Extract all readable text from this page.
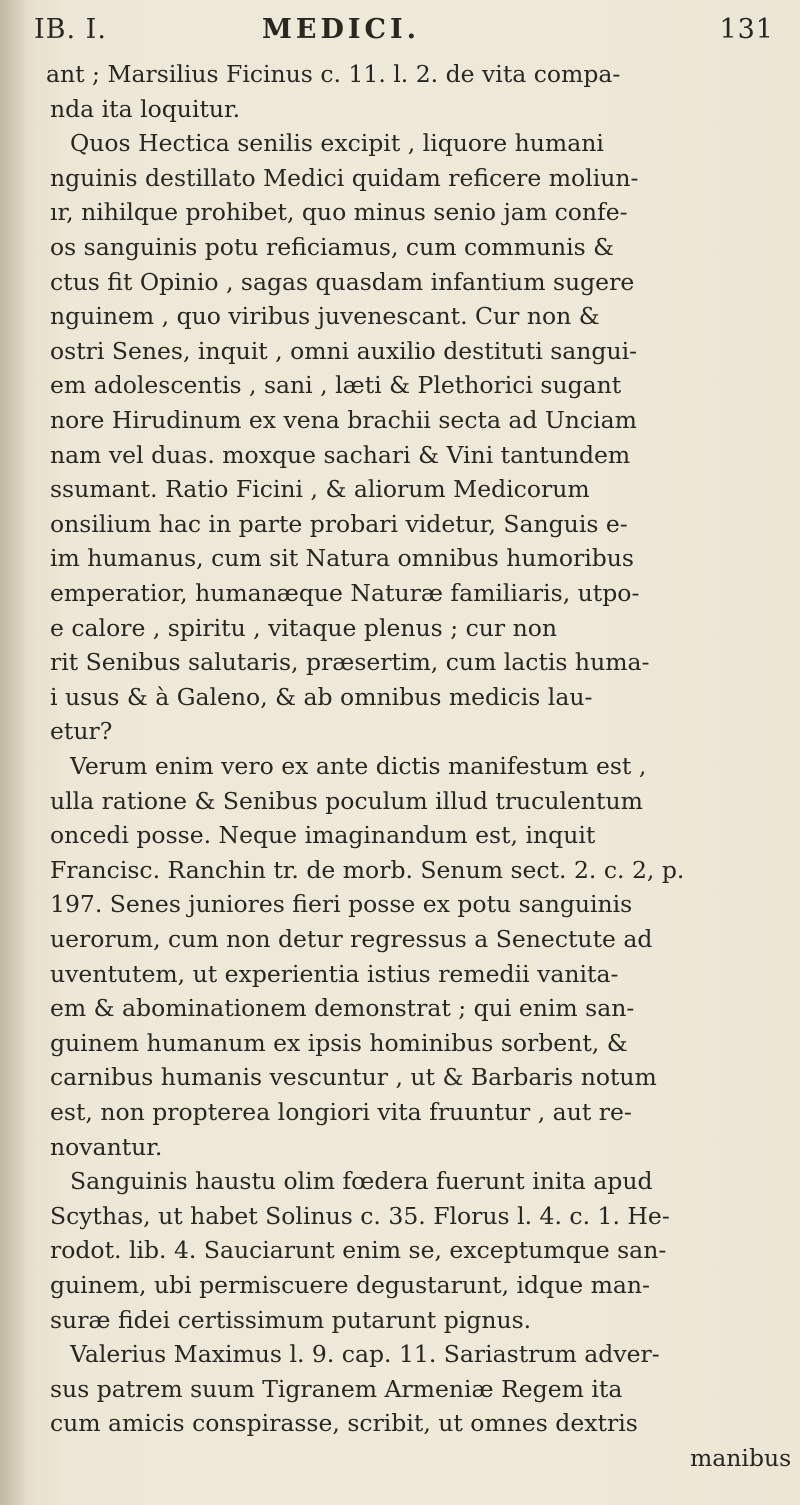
IB. I.	MEDICI.	131
ant ; Marsilius Ficinus c. 11. l. 2. de vita compa-
nda ita loquitur.
Quos Hectica senilis excipit , liquore humani
nguinis destillato Medici quidam reficere moliun-
ır, nihilque prohibet, quo minus senio jam confe-
os sanguinis potu reficiamus, cum communis &
ctus fit Opinio , sagas quasdam infantium sugere
nguinem , quo viribus juvenescant. Cur non &
ostri Senes, inquit , omni auxilio destituti sangui-
em adolescentis , sani , læti & Plethorici sugant
nore Hirudinum ex vena brachii secta ad Unciam
nam vel duas. moxque sachari & Vini tantundem
ssumant. Ratio Ficini , & aliorum Medicorum
onsilium hac in parte probari videtur, Sanguis e-
im humanus, cum sit Natura omnibus humoribus
emperatior, humanæque Naturæ familiaris, utpo-
e calore , spiritu , vitaque plenus ; cur non
rit Senibus salutaris, præsertim, cum lactis huma-
i usus & à Galeno, & ab omnibus medicis lau-
etur?
Verum enim vero ex ante dictis manifestum est ,
ulla ratione & Senibus poculum illud truculentum
oncedi posse. Neque imaginandum est, inquit
Francisc. Ranchin tr. de morb. Senum sect. 2. c. 2, p.
197. Senes juniores fieri posse ex potu sanguinis
uerorum, cum non detur regressus a Senectute ad
uventutem, ut experientia istius remedii vanita-
em & abominationem demonstrat ; qui enim san-
guinem humanum ex ipsis hominibus sorbent, &
carnibus humanis vescuntur , ut & Barbaris notum
est, non propterea longiori vita fruuntur , aut re-
novantur.
Sanguinis haustu olim fœdera fuerunt inita apud
Scythas, ut habet Solinus c. 35. Florus l. 4. c. 1. He-
rodot. lib. 4. Sauciarunt enim se, exceptumque san-
guinem, ubi permiscuere degustarunt, idque man-
suræ fidei certissimum putarunt pignus.
Valerius Maximus l. 9. cap. 11. Sariastrum adver-
sus patrem suum Tigranem Armeniæ Regem ita
cum amicis conspirasse, scribit, ut omnes dextris
manibus
